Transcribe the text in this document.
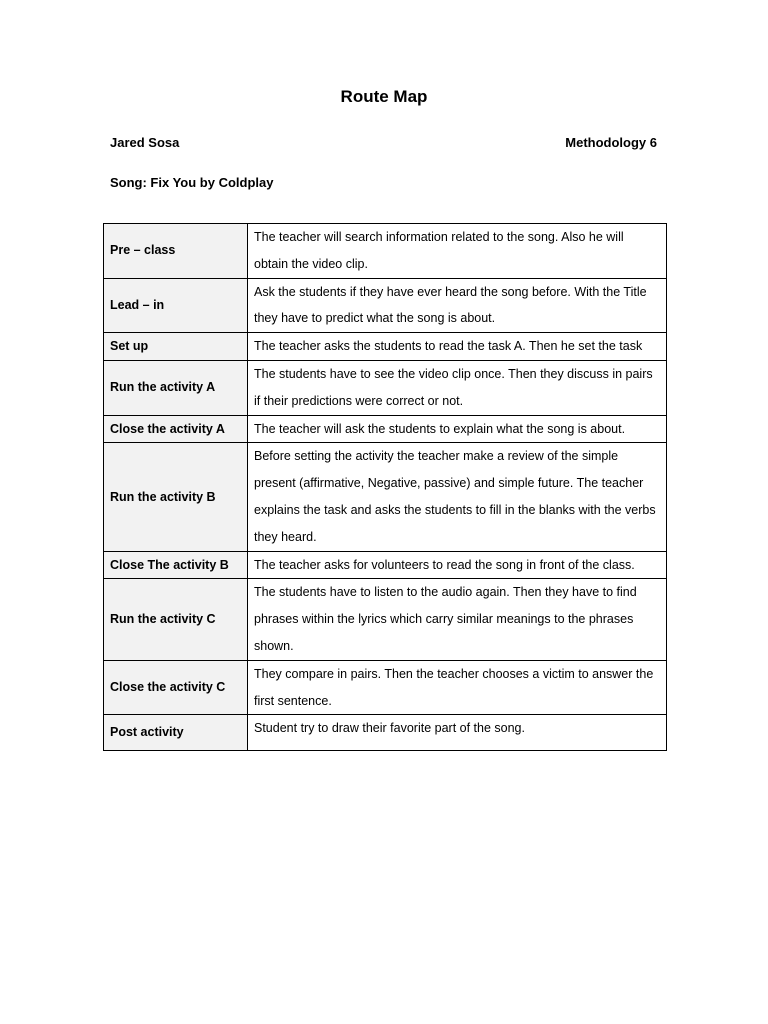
Route Map
Jared Sosa	Methodology 6
Song: Fix You by Coldplay
Pre – class	The teacher will search information related to the song. Also he will obtain the video clip.
Lead – in	Ask the students if they have ever heard the song before. With the Title they have to predict what the song is about.
Set up	The teacher asks the students to read the task A. Then he set the task
Run the activity A	The students have to see the video clip once. Then they discuss in pairs if their predictions were correct or not.
Close the activity A	The teacher will ask the students to explain what the song is about.
Run the activity B	Before setting the activity the teacher make a review of the simple present (affirmative, Negative, passive) and simple future. The teacher explains the task and asks the students to fill in the blanks with the verbs they heard.
Close The activity B	The teacher asks for volunteers to read the song in front of the class.
Run the activity C	The students have to listen to the audio again. Then they have to find phrases within the lyrics which carry similar meanings to the phrases shown.
Close the activity C	They compare in pairs. Then the teacher chooses a victim to answer the first sentence.
Post activity	Student try to draw their favorite part of the song.
